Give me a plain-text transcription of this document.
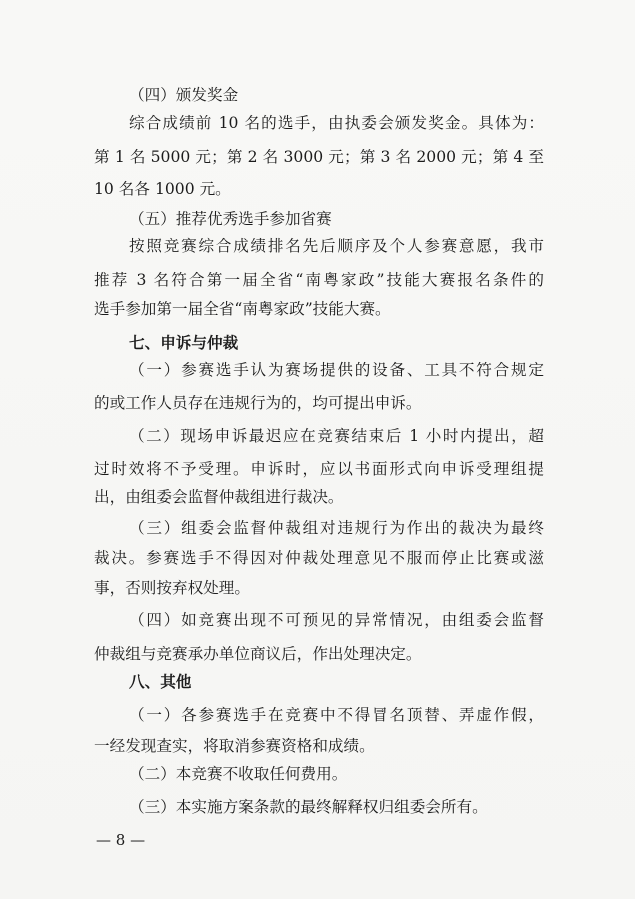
（四）颁发奖金
综合成绩前 10 名的选手，由执委会颁发奖金。具体为：
第 1 名 5000 元；第 2 名 3000 元；第 3 名 2000 元；第 4 至
10 名各 1000 元。
（五）推荐优秀选手参加省赛
按照竞赛综合成绩排名先后顺序及个人参赛意愿，我市
推荐 3 名符合第一届全省“南粤家政”技能大赛报名条件的
选手参加第一届全省“南粤家政”技能大赛。
七、申诉与仲裁
（一）参赛选手认为赛场提供的设备、工具不符合规定
的或工作人员存在违规行为的，均可提出申诉。
（二）现场申诉最迟应在竞赛结束后 1 小时内提出，超
过时效将不予受理。申诉时，应以书面形式向申诉受理组提
出，由组委会监督仲裁组进行裁决。
（三）组委会监督仲裁组对违规行为作出的裁决为最终
裁决。参赛选手不得因对仲裁处理意见不服而停止比赛或滋
事，否则按弃权处理。
（四）如竞赛出现不可预见的异常情况，由组委会监督
仲裁组与竞赛承办单位商议后，作出处理决定。
八、其他
（一）各参赛选手在竞赛中不得冒名顶替、弄虚作假，
一经发现查实，将取消参赛资格和成绩。
（二）本竞赛不收取任何费用。
（三）本实施方案条款的最终解释权归组委会所有。
— 8 —
